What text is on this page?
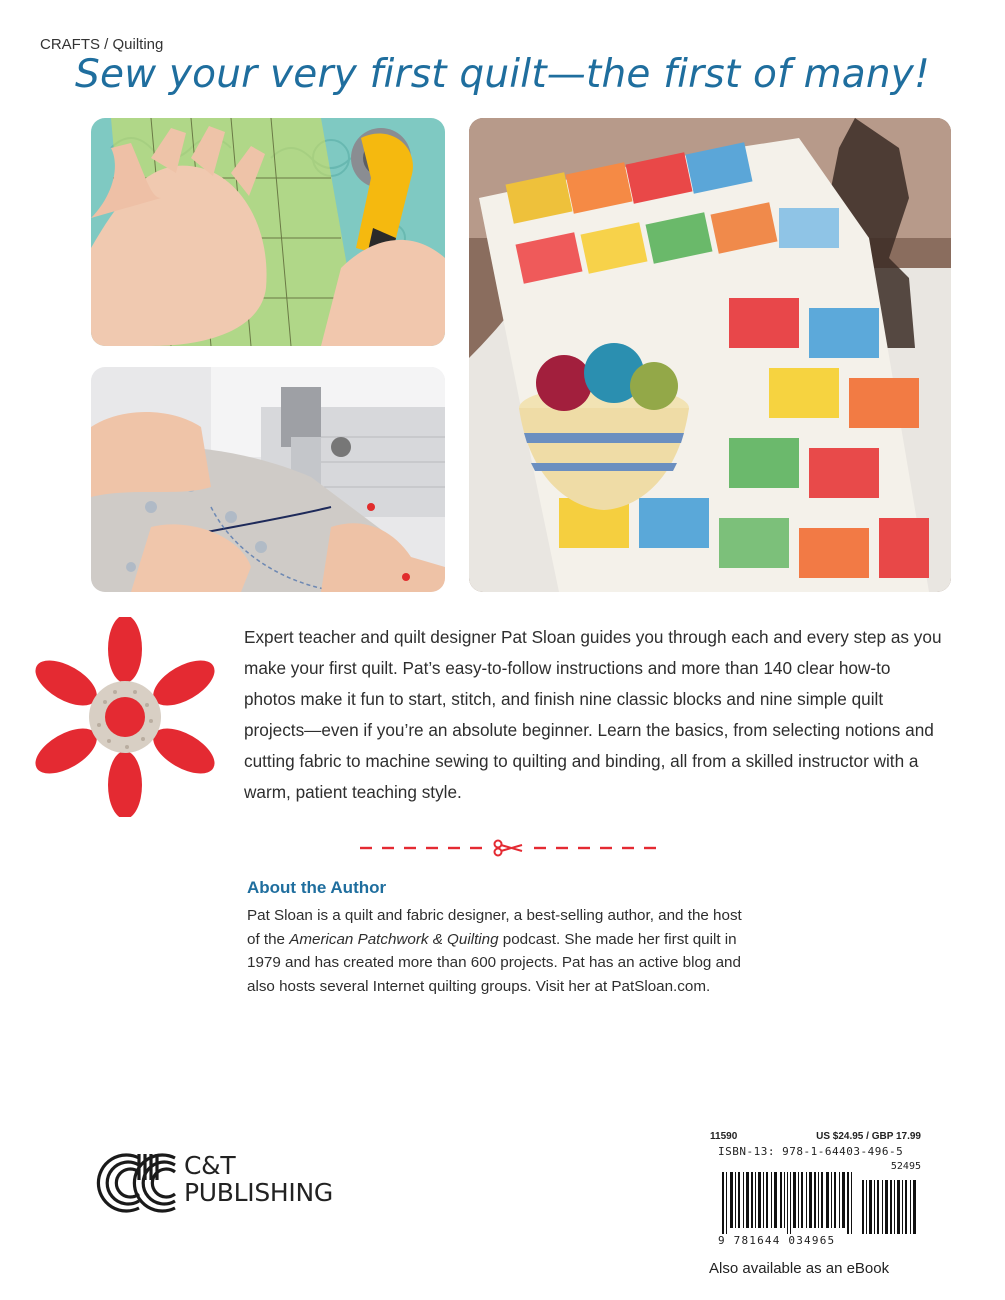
CRAFTS / Quilting
Sew your very first quilt—the first of many!

Expert teacher and quilt designer Pat Sloan guides you through each and every step as you make your first quilt. Pat’s easy-to-follow instructions and more than 140 clear how-to photos make it fun to start, stitch, and finish nine classic blocks and nine simple quilt projects—even if you’re an absolute beginner. Learn the basics, from selecting notions and cutting fabric to machine sewing to quilting and binding, all from a skilled instructor with a warm, patient teaching style.

About the Author

Pat Sloan is a quilt and fabric designer, a best-selling author, and the host of the American Patchwork & Quilting podcast. She made her first quilt in 1979 and has created more than 600 projects. Pat has an active blog and also hosts several Internet quilting groups. Visit her at PatSloan.com.

C&T
PUBLISHING
11590	US $24.95 / GBP 17.99
ISBN-13: 978-1-64403-496-5
52495
9 781644 034965

Also available as an eBook
